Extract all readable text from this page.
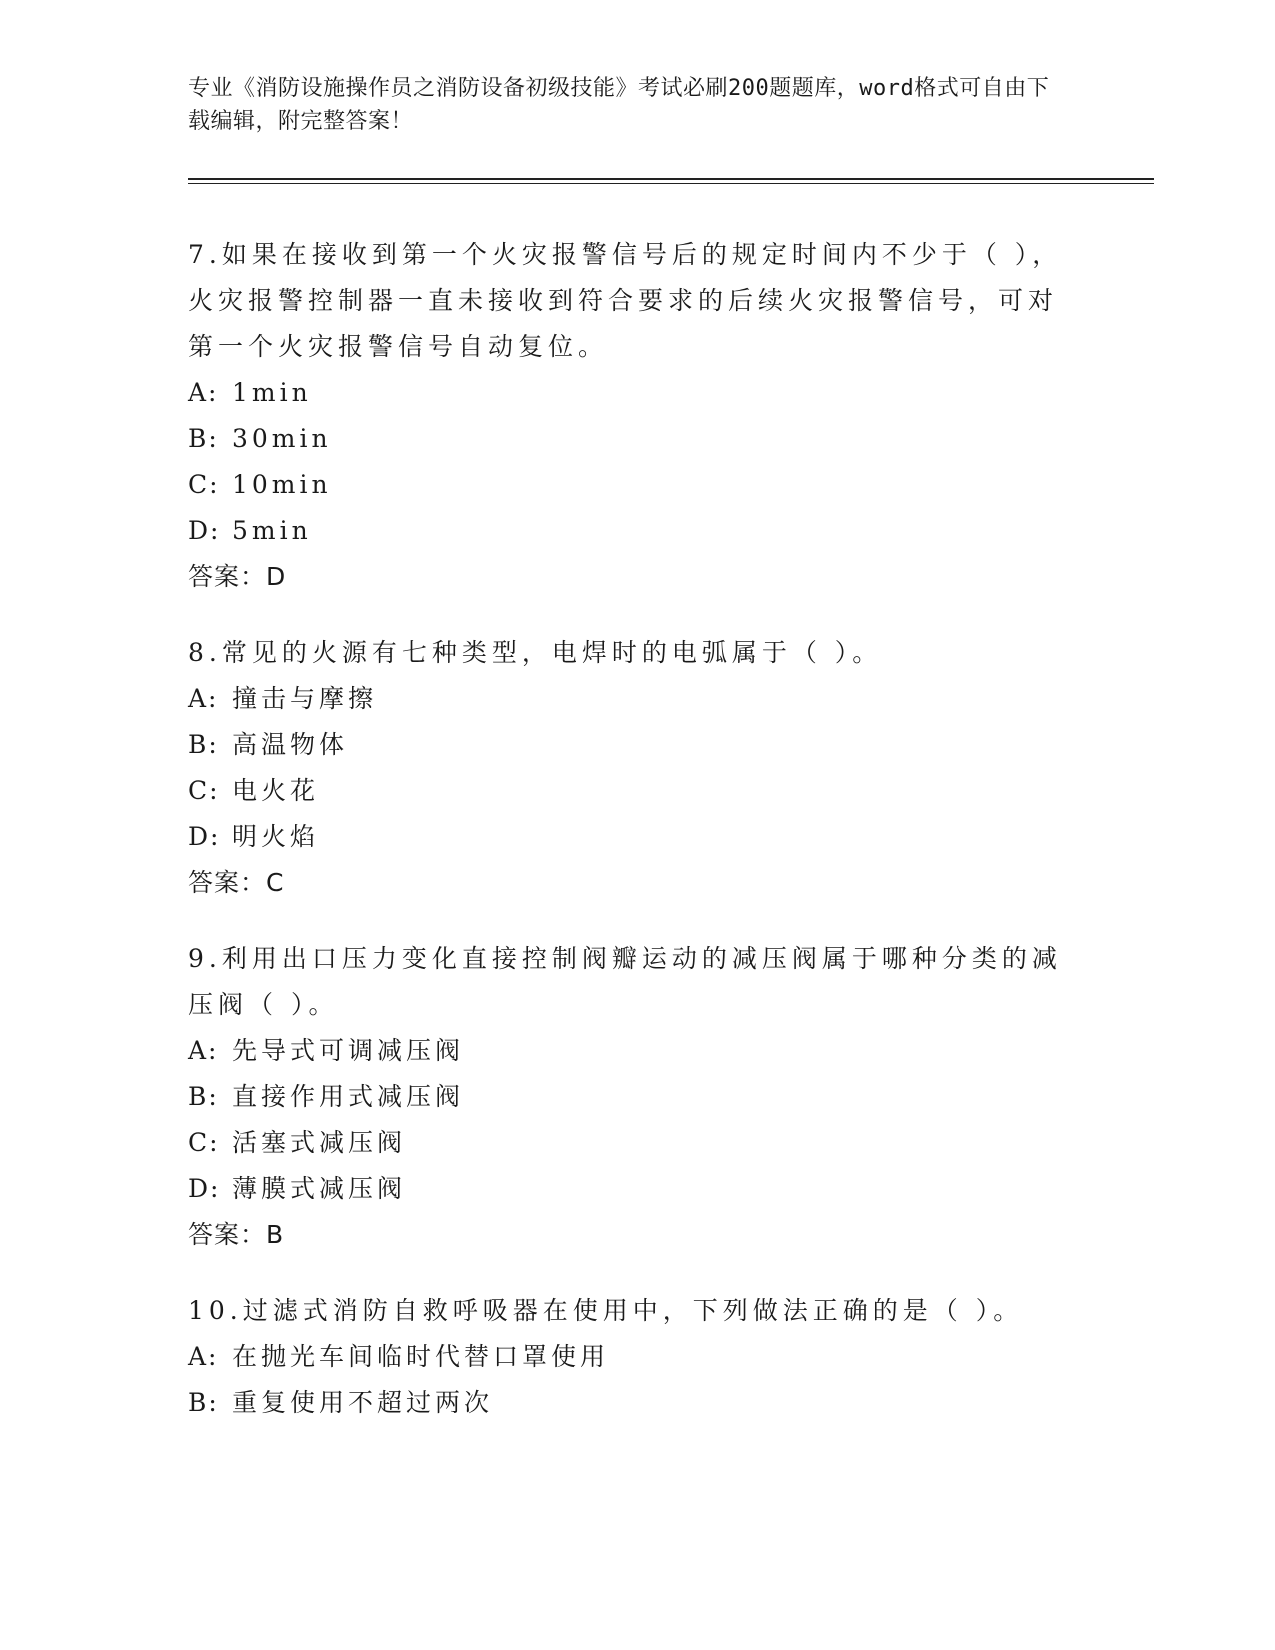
专业《消防设施操作员之消防设备初级技能》考试必刷200题题库，word格式可自由下载编辑，附完整答案！

7.如果在接收到第一个火灾报警信号后的规定时间内不少于（ ），火灾报警控制器一直未接收到符合要求的后续火灾报警信号，可对第一个火灾报警信号自动复位。

A: 1min
B: 30min
C: 10min
D: 5min
答案：D

8.常见的火源有七种类型，电焊时的电弧属于（ ）。

A: 撞击与摩擦
B: 高温物体
C: 电火花
D: 明火焰
答案：C

9.利用出口压力变化直接控制阀瓣运动的减压阀属于哪种分类的减压阀（ ）。

A: 先导式可调减压阀
B: 直接作用式减压阀
C: 活塞式减压阀
D: 薄膜式减压阀
答案：B

10.过滤式消防自救呼吸器在使用中，下列做法正确的是（ ）。

A: 在抛光车间临时代替口罩使用
B: 重复使用不超过两次
